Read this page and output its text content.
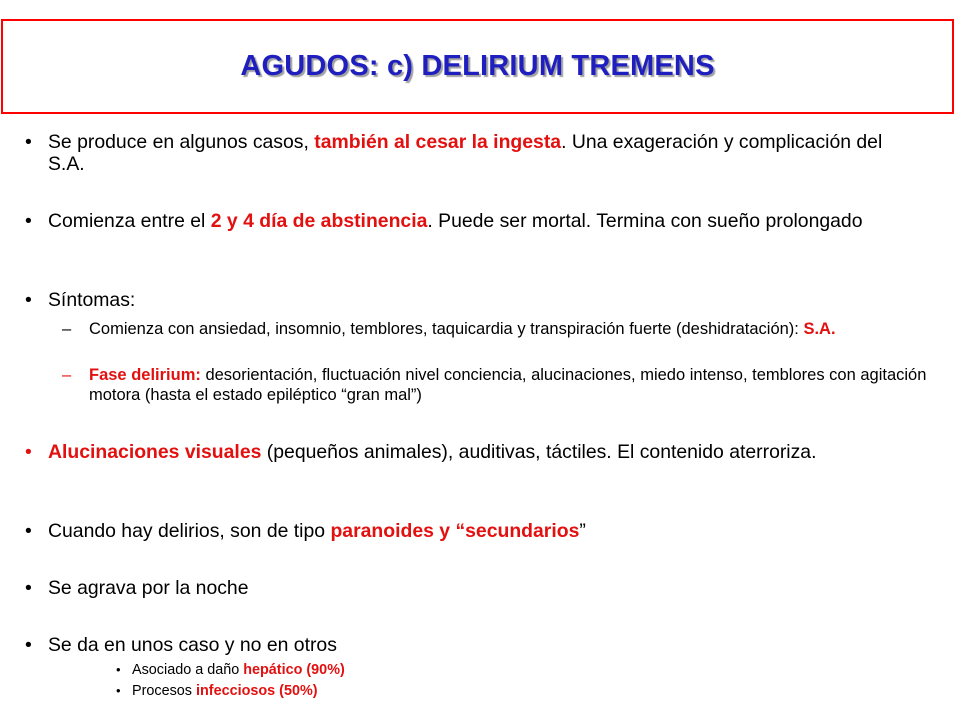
AGUDOS: c) DELIRIUM TREMENS
• Se produce en algunos casos, también al cesar la ingesta. Una exageración y complicación del S.A.
• Comienza entre el 2 y 4 día de abstinencia. Puede ser mortal. Termina con sueño prolongado
• Síntomas:
– Comienza con ansiedad, insomnio, temblores, taquicardia y transpiración fuerte (deshidratación): S.A.
– Fase delirium: desorientación, fluctuación nivel conciencia, alucinaciones, miedo intenso, temblores con agitación motora (hasta el estado epiléptico “gran mal”)
• Alucinaciones visuales (pequeños animales), auditivas, táctiles. El contenido aterroriza.
• Cuando hay delirios, son de tipo paranoides y “secundarios”
• Se agrava por la noche
• Se da en unos caso y no en otros
• Asociado a daño hepático (90%)
• Procesos infecciosos (50%)
